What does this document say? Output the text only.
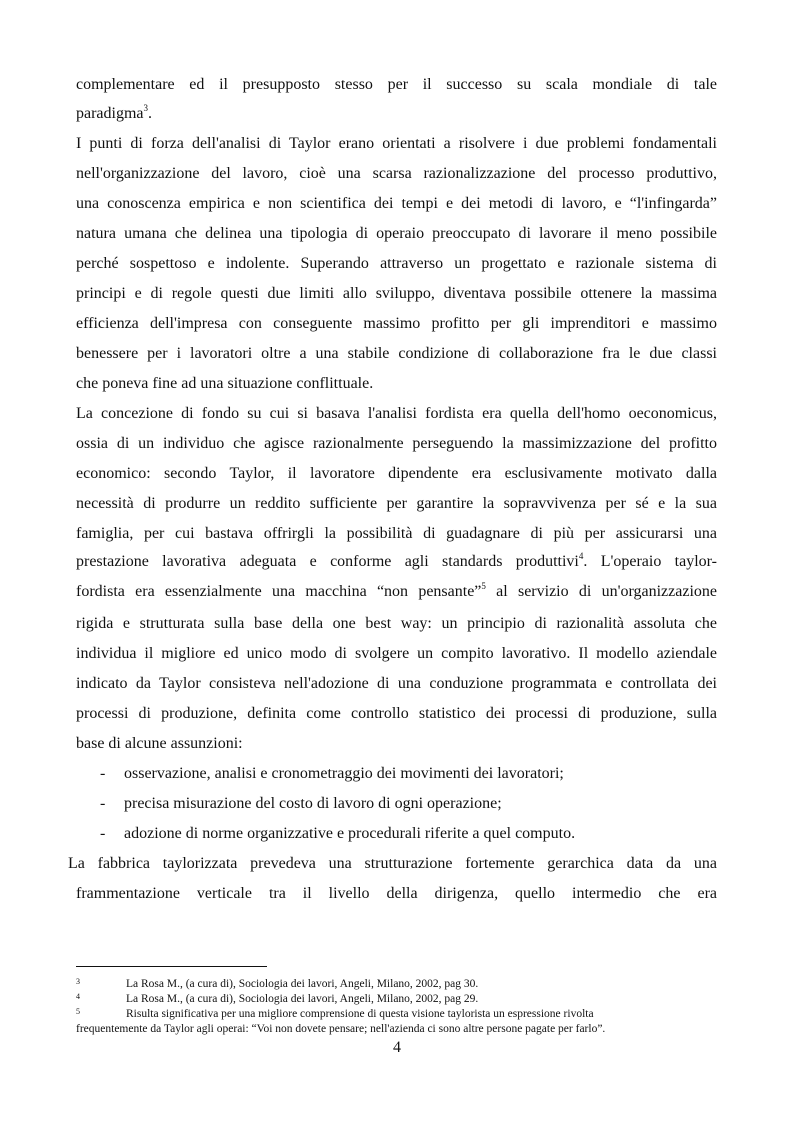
complementare ed il presupposto stesso per il successo su scala mondiale di tale
paradigma$^3$.
I punti di forza dell'analisi di Taylor erano orientati a risolvere i due problemi fondamentali
nell'organizzazione del lavoro, cioè una scarsa razionalizzazione del processo produttivo,
una conoscenza empirica e non scientifica dei tempi e dei metodi di lavoro, e “l'infingarda”
natura umana che delinea una tipologia di operaio preoccupato di lavorare il meno possibile
perché sospettoso e indolente. Superando attraverso un progettato e razionale sistema di
principi e di regole questi due limiti allo sviluppo, diventava possibile ottenere la massima
efficienza dell'impresa con conseguente massimo profitto per gli imprenditori e massimo
benessere per i lavoratori oltre a una stabile condizione di collaborazione fra le due classi
che poneva fine ad una situazione conflittuale.
La concezione di fondo su cui si basava l'analisi fordista era quella dell'homo oeconomicus,
ossia di un individuo che agisce razionalmente perseguendo la massimizzazione del profitto
economico: secondo Taylor, il lavoratore dipendente era esclusivamente motivato dalla
necessità di produrre un reddito sufficiente per garantire la sopravvivenza per sé e la sua
famiglia, per cui bastava offrirgli la possibilità di guadagnare di più per assicurarsi una
prestazione lavorativa adeguata e conforme agli standards produttivi$^4$. L'operaio taylor-
fordista era essenzialmente una macchina “non pensante”$^5$ al servizio di un'organizzazione
rigida e strutturata sulla base della one best way: un principio di razionalità assoluta che
individua il migliore ed unico modo di svolgere un compito lavorativo. Il modello aziendale
indicato da Taylor consisteva nell'adozione di una conduzione programmata e controllata dei
processi di produzione, definita come controllo statistico dei processi di produzione, sulla
base di alcune assunzioni:
- osservazione, analisi e cronometraggio dei movimenti dei lavoratori;
- precisa misurazione del costo di lavoro di ogni operazione;
- adozione di norme organizzative e procedurali riferite a quel computo.
La fabbrica taylorizzata prevedeva una strutturazione fortemente gerarchica data da una
frammentazione verticale tra il livello della dirigenza, quello intermedio che era
3	La Rosa M., (a cura di), Sociologia dei lavori, Angeli, Milano, 2002, pag 30.
4	La Rosa M., (a cura di), Sociologia dei lavori, Angeli, Milano, 2002, pag 29.
5	Risulta significativa per una migliore comprensione di questa visione taylorista un espressione rivolta
frequentemente da Taylor agli operai: “Voi non dovete pensare; nell'azienda ci sono altre persone pagate per farlo”.
4
